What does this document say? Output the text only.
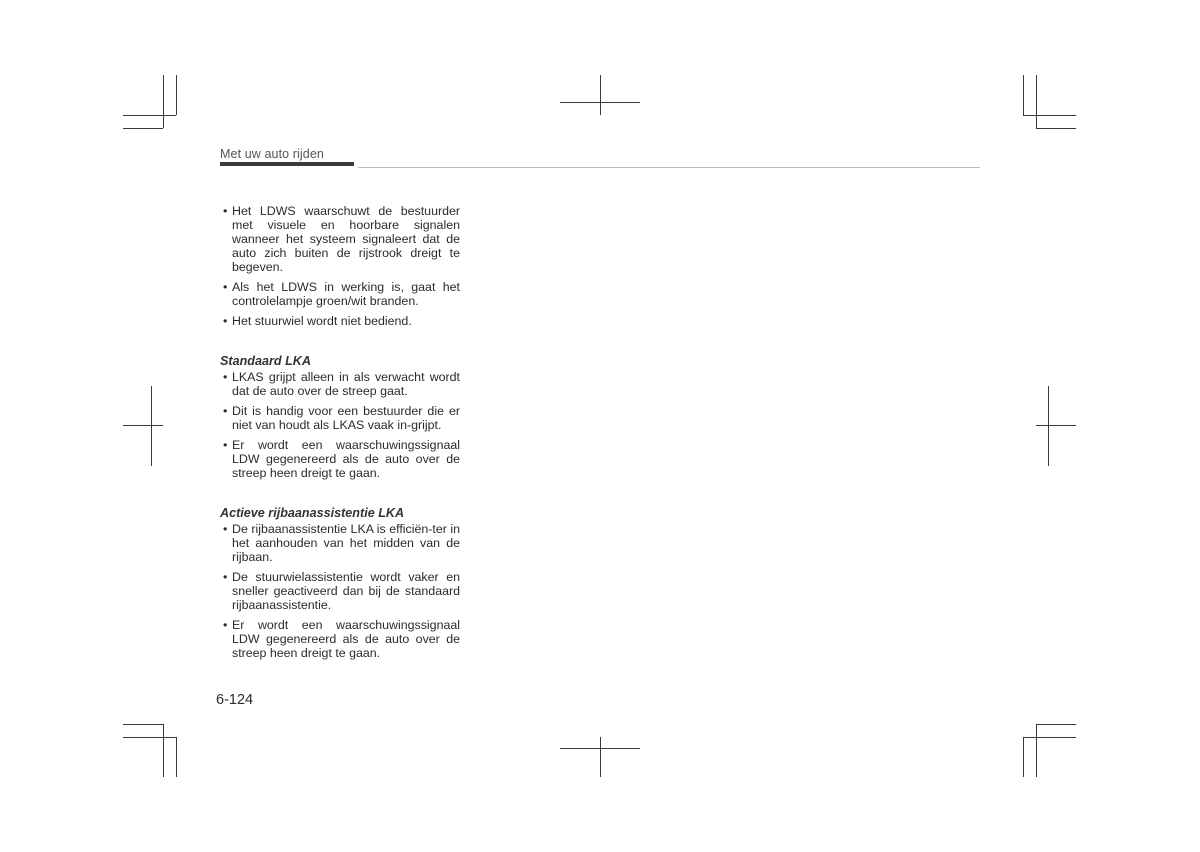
Met uw auto rijden
• Het LDWS waarschuwt de bestuurder met visuele en hoorbare signalen wanneer het systeem signaleert dat de auto zich buiten de rijstrook dreigt te begeven.
• Als het LDWS in werking is, gaat het controlelampje groen/wit branden.
• Het stuurwiel wordt niet bediend.
Standaard LKA
• LKAS grijpt alleen in als verwacht wordt dat de auto over de streep gaat.
• Dit is handig voor een bestuurder die er niet van houdt als LKAS vaak in-grijpt.
• Er wordt een waarschuwingssignaal LDW gegenereerd als de auto over de streep heen dreigt te gaan.
Actieve rijbaanassistentie LKA
• De rijbaanassistentie LKA is efficiën-ter in het aanhouden van het midden van de rijbaan.
• De stuurwielassistentie wordt vaker en sneller geactiveerd dan bij de standaard rijbaanassistentie.
• Er wordt een waarschuwingssignaal LDW gegenereerd als de auto over de streep heen dreigt te gaan.
6-124
